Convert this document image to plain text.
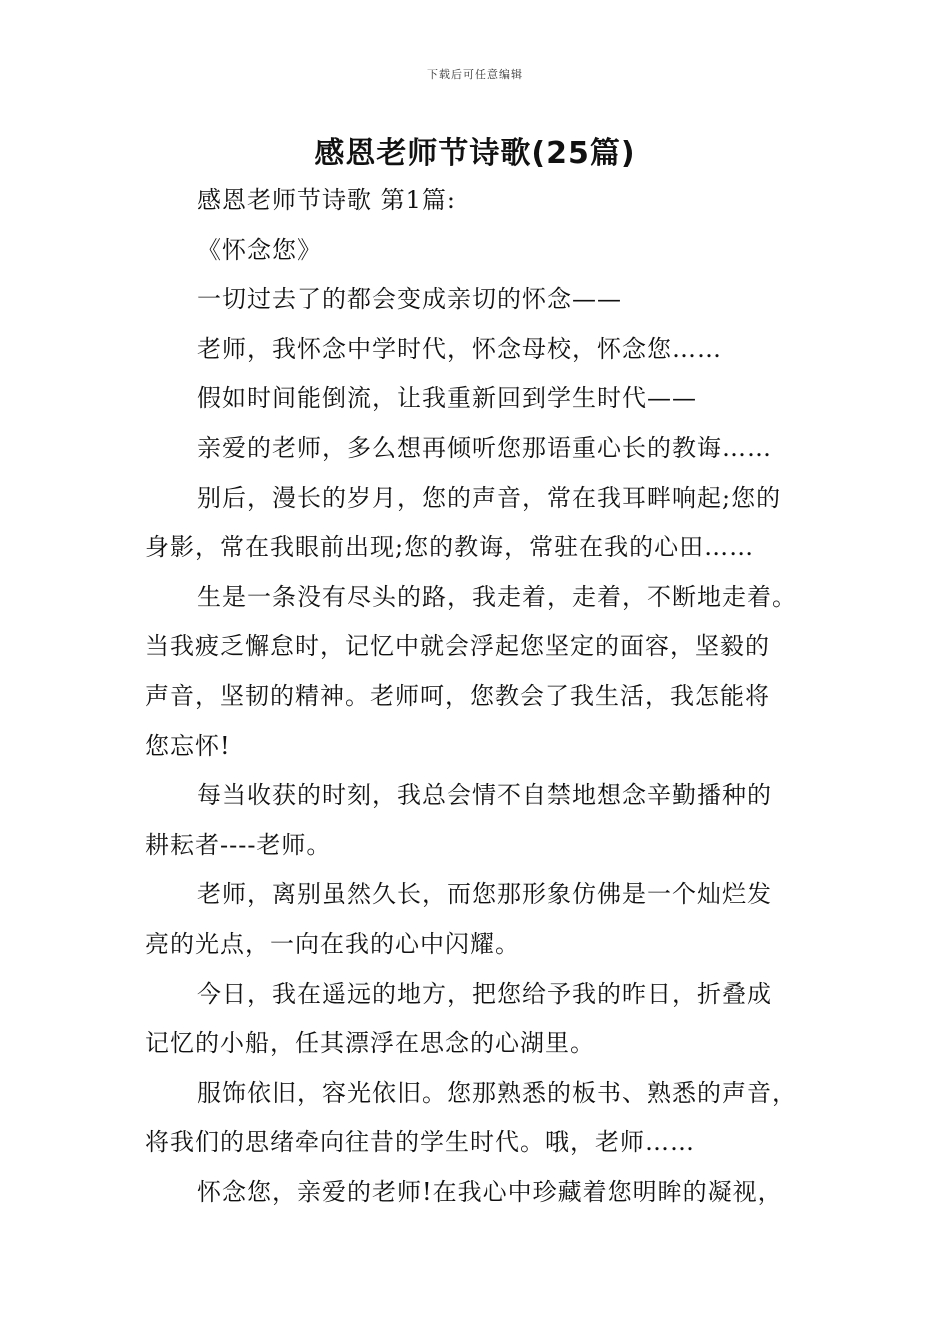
下载后可任意编辑
感恩老师节诗歌(25篇)
感恩老师节诗歌 第1篇:
《怀念您》
一切过去了的都会变成亲切的怀念——
老师，我怀念中学时代，怀念母校，怀念您……
假如时间能倒流，让我重新回到学生时代——
亲爱的老师，多么想再倾听您那语重心长的教诲……
别后，漫长的岁月，您的声音，常在我耳畔响起;您的
身影，常在我眼前出现;您的教诲，常驻在我的心田……
生是一条没有尽头的路，我走着，走着，不断地走着。
当我疲乏懈怠时，记忆中就会浮起您坚定的面容，坚毅的
声音，坚韧的精神。老师呵，您教会了我生活，我怎能将
您忘怀!
每当收获的时刻，我总会情不自禁地想念辛勤播种的
耕耘者----老师。
老师，离别虽然久长，而您那形象仿佛是一个灿烂发
亮的光点，一向在我的心中闪耀。
今日，我在遥远的地方，把您给予我的昨日，折叠成
记忆的小船，任其漂浮在思念的心湖里。
服饰依旧，容光依旧。您那熟悉的板书、熟悉的声音，
将我们的思绪牵向往昔的学生时代。哦，老师……
怀念您，亲爱的老师!在我心中珍藏着您明眸的凝视，
